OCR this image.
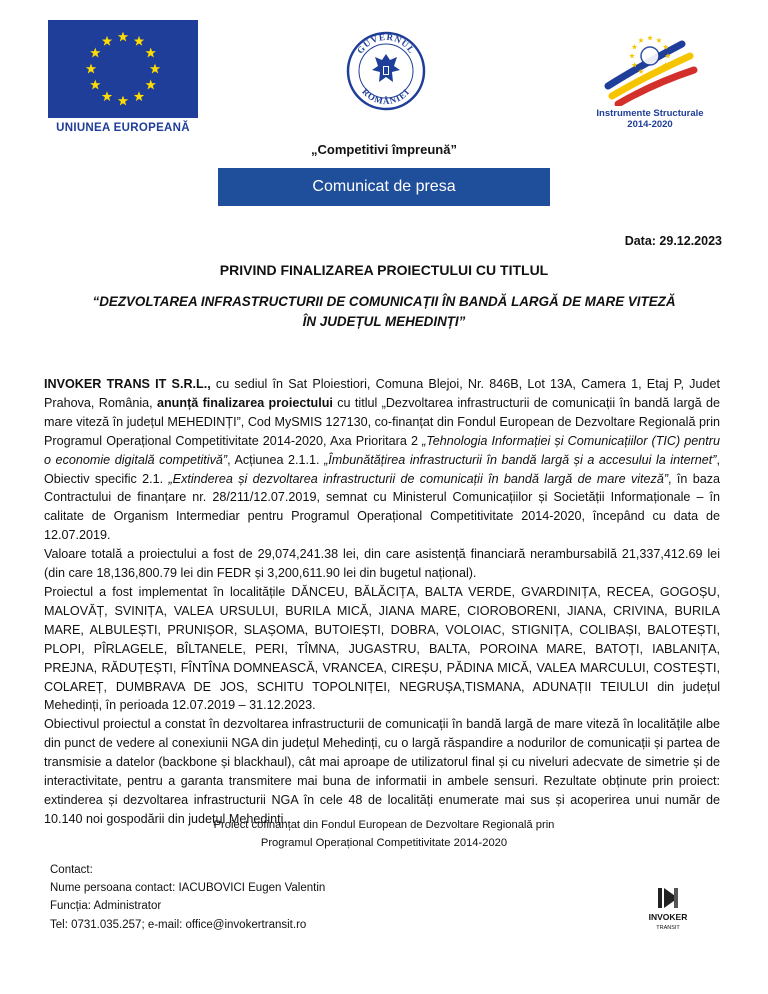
UNIUNEA EUROPEANĂ
GUVERNUL
ROMÂNIEI
Instrumente Structurale
2014-2020
„Competitivi împreună”
Comunicat de presa
Data: 29.12.2023
PRIVIND FINALIZAREA PROIECTULUI CU TITLUL
“DEZVOLTAREA INFRASTRUCTURII DE COMUNICAȚII ÎN BANDĂ LARGĂ DE MARE VITEZĂ
ÎN JUDEȚUL MEHEDINȚI”

INVOKER TRANS IT S.R.L., cu sediul în Sat Ploiestiori, Comuna Blejoi, Nr. 846B, Lot 13A, Camera 1, Etaj P, Judet Prahova, România, anunță finalizarea proiectului cu titlul „Dezvoltarea infrastructurii de comunicații în bandă largă de mare viteză în județul MEHEDINȚI”, Cod MySMIS 127130, co-finanțat din Fondul European de Dezvoltare Regională prin Programul Operațional Competitivitate 2014-2020, Axa Prioritara 2 „Tehnologia Informației și Comunicațiilor (TIC) pentru o economie digitală competitivă”, Acțiunea 2.1.1. „Îmbunătățirea infrastructurii în bandă largă și a accesului la internet”, Obiectiv specific 2.1. „Extinderea și dezvoltarea infrastructurii de comunicații în bandă largă de mare viteză”, în baza Contractului de finanțare nr. 28/211/12.07.2019, semnat cu Ministerul Comunicațiilor și Societății Informaționale – în calitate de Organism Intermediar pentru Programul Operațional Competitivitate 2014-2020, începând cu data de 12.07.2019.

Valoare totală a proiectului a fost de 29,074,241.38 lei, din care asistență financiară nerambursabilă 21,337,412.69 lei (din care 18,136,800.79 lei din FEDR și 3,200,611.90 lei din bugetul național).

Proiectul a fost implementat în localitățile DĂNCEU, BĂLĂCIȚA, BALTA VERDE, GVARDINIȚA, RECEA, GOGOȘU, MALOVĂȚ, SVINIȚA, VALEA URSULUI, BURILA MICĂ, JIANA MARE, CIOROBORENI, JIANA, CRIVINA, BURILA MARE, ALBULEȘTI, PRUNIȘOR, SLAȘOMA, BUTOIEȘTI, DOBRA, VOLOIAC, STIGNIȚA, COLIBAȘI, BALOTEȘTI, PLOPI, PÎRLAGELE, BÎLTANELE, PERI, TÎMNA, JUGASTRU, BALTA, POROINA MARE, BATOȚI, IABLANIȚA, PREJNA, RĂDUȚEȘTI, FÎNTÎNA DOMNEASCĂ, VRANCEA, CIREȘU, PĂDINA MICĂ, VALEA MARCULUI, COSTEȘTI, COLAREȚ, DUMBRAVA DE JOS, SCHITU TOPOLNIȚEI, NEGRUȘA,TISMANA, ADUNAȚII TEIULUI din județul Mehedinți, în perioada 12.07.2019 – 31.12.2023.

Obiectivul proiectul a constat în dezvoltarea infrastructurii de comunicații în bandă largă de mare viteză în localitățile albe din punct de vedere al conexiunii NGA din județul Mehedinți, cu o largă răspandire a nodurilor de comunicații și partea de transmisie a datelor (backbone și blackhaul), cât mai aproape de utilizatorul final și cu niveluri adecvate de simetrie și de interactivitate, pentru a garanta transmitere mai buna de informatii in ambele sensuri. Rezultate obținute prin proiect: extinderea și dezvoltarea infrastructurii NGA în cele 48 de localități enumerate mai sus și acoperirea unui număr de 10.140 noi gospodării din județul Mehedinți.

Proiect cofinanțat din Fondul European de Dezvoltare Regională prin
Programul Operațional Competitivitate 2014-2020
Contact:
Nume persoana contact: IACUBOVICI Eugen Valentin
Funcția: Administrator
Tel: 0731.035.257; e-mail: office@invokertransit.ro
INVOKER
TRANSIT
